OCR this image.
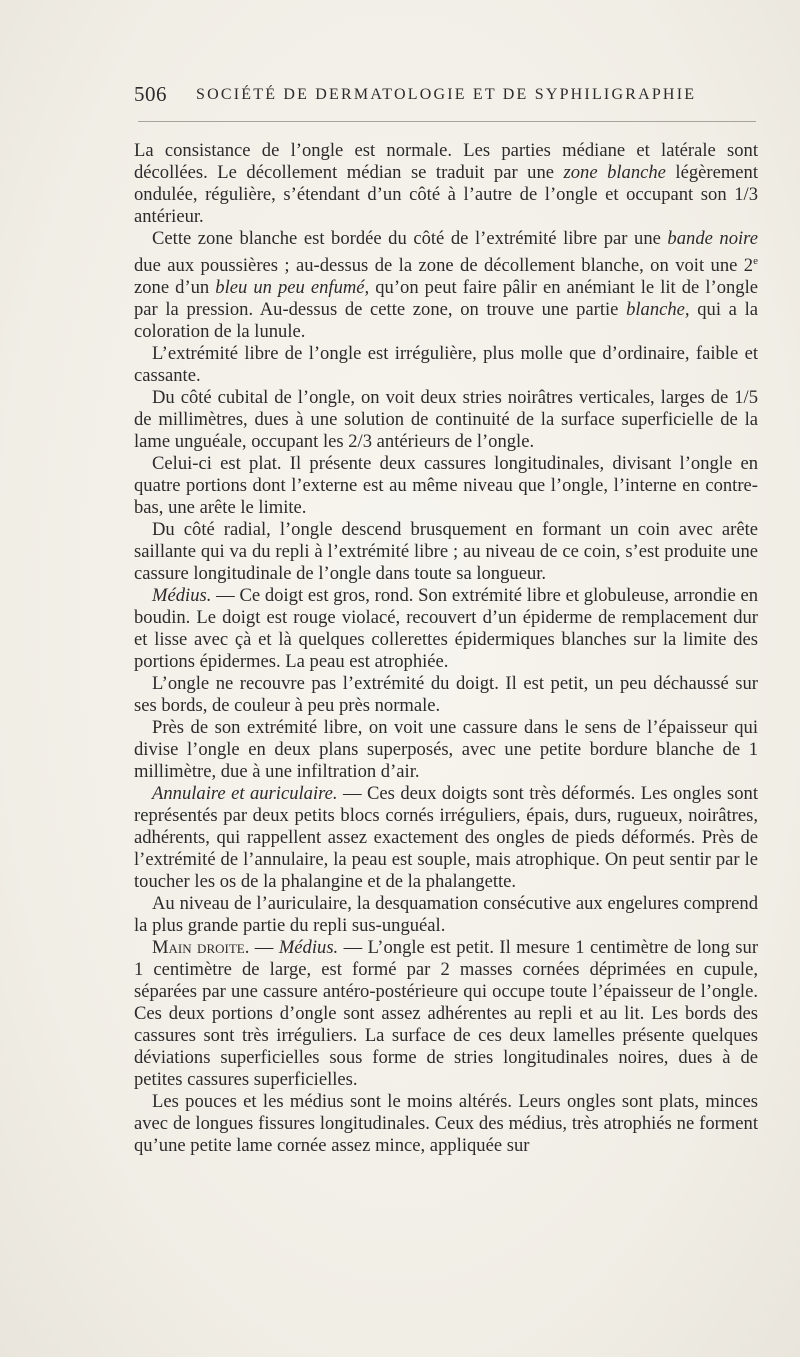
506 SOCIÉTÉ DE DERMATOLOGIE ET DE SYPHILIGRAPHIE

La consistance de l’ongle est normale. Les parties médiane et latérale sont décollées. Le décollement médian se traduit par une zone blanche légèrement ondulée, régulière, s’étendant d’un côté à l’autre de l’ongle et occupant son 1/3 antérieur.

Cette zone blanche est bordée du côté de l’extrémité libre par une bande noire due aux poussières ; au-dessus de la zone de décollement blanche, on voit une 2e zone d’un bleu un peu enfumé, qu’on peut faire pâlir en anémiant le lit de l’ongle par la pression. Au-dessus de cette zone, on trouve une partie blanche, qui a la coloration de la lunule.

L’extrémité libre de l’ongle est irrégulière, plus molle que d’ordinaire, faible et cassante.

Du côté cubital de l’ongle, on voit deux stries noirâtres verticales, larges de 1/5 de millimètres, dues à une solution de continuité de la surface superficielle de la lame unguéale, occupant les 2/3 antérieurs de l’ongle.

Celui-ci est plat. Il présente deux cassures longitudinales, divisant l’ongle en quatre portions dont l’externe est au même niveau que l’ongle, l’interne en contre-bas, une arête le limite.

Du côté radial, l’ongle descend brusquement en formant un coin avec arête saillante qui va du repli à l’extrémité libre ; au niveau de ce coin, s’est produite une cassure longitudinale de l’ongle dans toute sa longueur.

Médius. — Ce doigt est gros, rond. Son extrémité libre et globuleuse, arrondie en boudin. Le doigt est rouge violacé, recouvert d’un épiderme de remplacement dur et lisse avec çà et là quelques collerettes épidermiques blanches sur la limite des portions épidermes. La peau est atrophiée.

L’ongle ne recouvre pas l’extrémité du doigt. Il est petit, un peu déchaussé sur ses bords, de couleur à peu près normale.

Près de son extrémité libre, on voit une cassure dans le sens de l’épaisseur qui divise l’ongle en deux plans superposés, avec une petite bordure blanche de 1 millimètre, due à une infiltration d’air.

Annulaire et auriculaire. — Ces deux doigts sont très déformés. Les ongles sont représentés par deux petits blocs cornés irréguliers, épais, durs, rugueux, noirâtres, adhérents, qui rappellent assez exactement des ongles de pieds déformés. Près de l’extrémité de l’annulaire, la peau est souple, mais atrophique. On peut sentir par le toucher les os de la phalangine et de la phalangette.

Au niveau de l’auriculaire, la desquamation consécutive aux engelures comprend la plus grande partie du repli sus-unguéal.

Main droite. — Médius. — L’ongle est petit. Il mesure 1 centimètre de long sur 1 centimètre de large, est formé par 2 masses cornées déprimées en cupule, séparées par une cassure antéro-postérieure qui occupe toute l’épaisseur de l’ongle. Ces deux portions d’ongle sont assez adhérentes au repli et au lit. Les bords des cassures sont très irréguliers. La surface de ces deux lamelles présente quelques déviations superficielles sous forme de stries longitudinales noires, dues à de petites cassures superficielles.

Les pouces et les médius sont le moins altérés. Leurs ongles sont plats, minces avec de longues fissures longitudinales. Ceux des médius, très atrophiés ne forment qu’une petite lame cornée assez mince, appliquée sur
